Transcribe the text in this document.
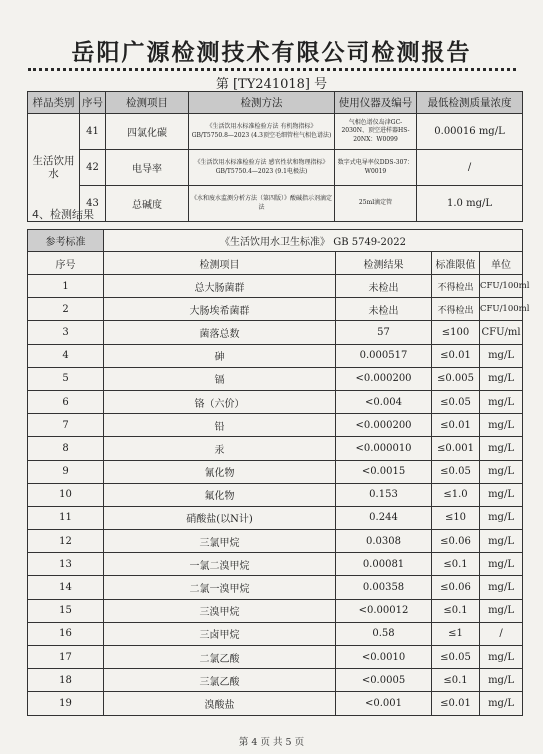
岳阳广源检测技术有限公司检测报告
第 [TY241018] 号
样品类别	序号	检测项目	检测方法	使用仪器及编号	最低检测质量浓度
生活饮用水	41	四氯化碳	《生活饮用水标准检验方法 有机物指标》GB/T5750.8—2023 (4.3顶空毛细管柱气相色谱法)	气相色谱仪岛津GC-2030N、顶空进样器HS-20NX：W0099	0.00016 mg/L
	42	电导率	《生活饮用水标准检验方法 感官性状和物理指标》GB/T5750.4—2023 (9.1电极法)	数字式电导率仪DDS-307：W0019	/
	43	总碱度	《水和废水监测分析方法（第四版）》酸碱指示剂滴定法	25ml滴定管	1.0 mg/L
4、检测结果
参考标准	《生活饮用水卫生标准》 GB 5749-2022			
序号	检测项目	检测结果	标准限值	单位
1	总大肠菌群	未检出	不得检出	CFU/100ml
2	大肠埃希菌群	未检出	不得检出	CFU/100ml
3	菌落总数	57	≤100	CFU/ml
4	砷	0.000517	≤0.01	mg/L
5	镉	<0.000200	≤0.005	mg/L
6	铬（六价）	<0.004	≤0.05	mg/L
7	铅	<0.000200	≤0.01	mg/L
8	汞	<0.000010	≤0.001	mg/L
9	氰化物	<0.0015	≤0.05	mg/L
10	氟化物	0.153	≤1.0	mg/L
11	硝酸盐(以N计)	0.244	≤10	mg/L
12	三氯甲烷	0.0308	≤0.06	mg/L
13	一氯二溴甲烷	0.00081	≤0.1	mg/L
14	二氯一溴甲烷	0.00358	≤0.06	mg/L
15	三溴甲烷	<0.00012	≤0.1	mg/L
16	三卤甲烷	0.58	≤1	/
17	二氯乙酸	<0.0010	≤0.05	mg/L
18	三氯乙酸	<0.0005	≤0.1	mg/L
19	溴酸盐	<0.001	≤0.01	mg/L
第 4 页 共 5 页
